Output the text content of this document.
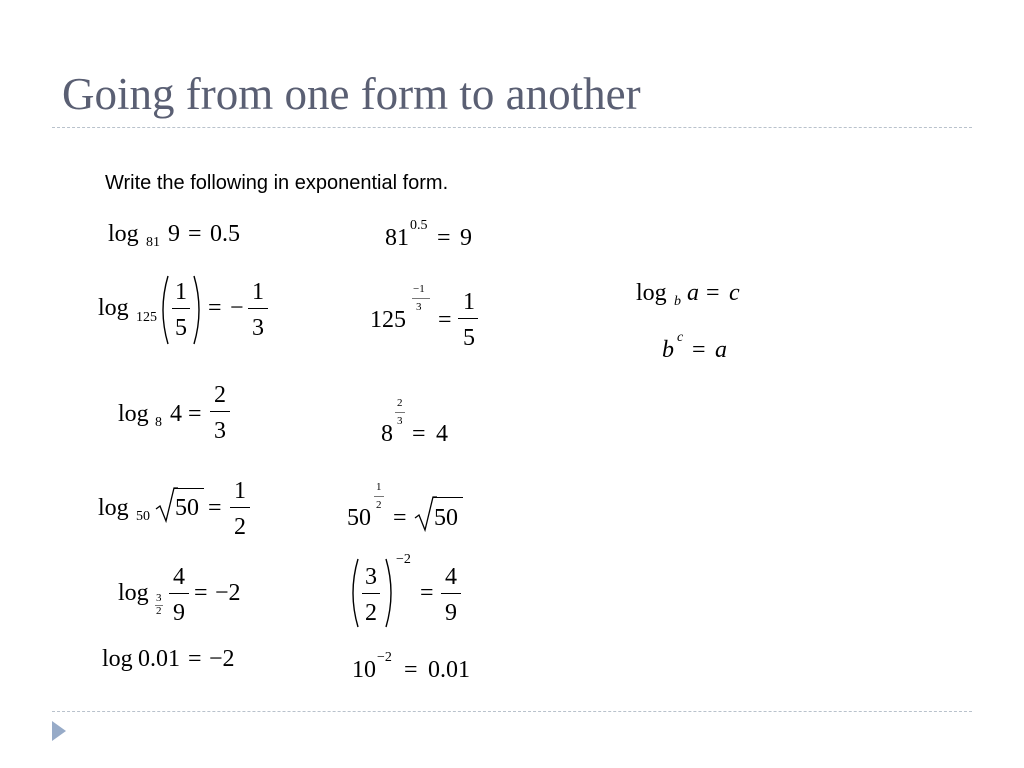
Going from one form to another
Write the following in exponential form.
log 81 9 = 0.5	81 0.5 = 9
log 125
1
5
= −
1
3	125
−1
3 =
1
5
log b a = c
b c = a
log 8 4 =
2
3	8
2
3 = 4
log 50 50 =
1
2	50
1
2 = 50
log 3
2
4
9
= −2
3
2
−2
=
4
9
log 0.01 = −2	10 −2 = 0.01
